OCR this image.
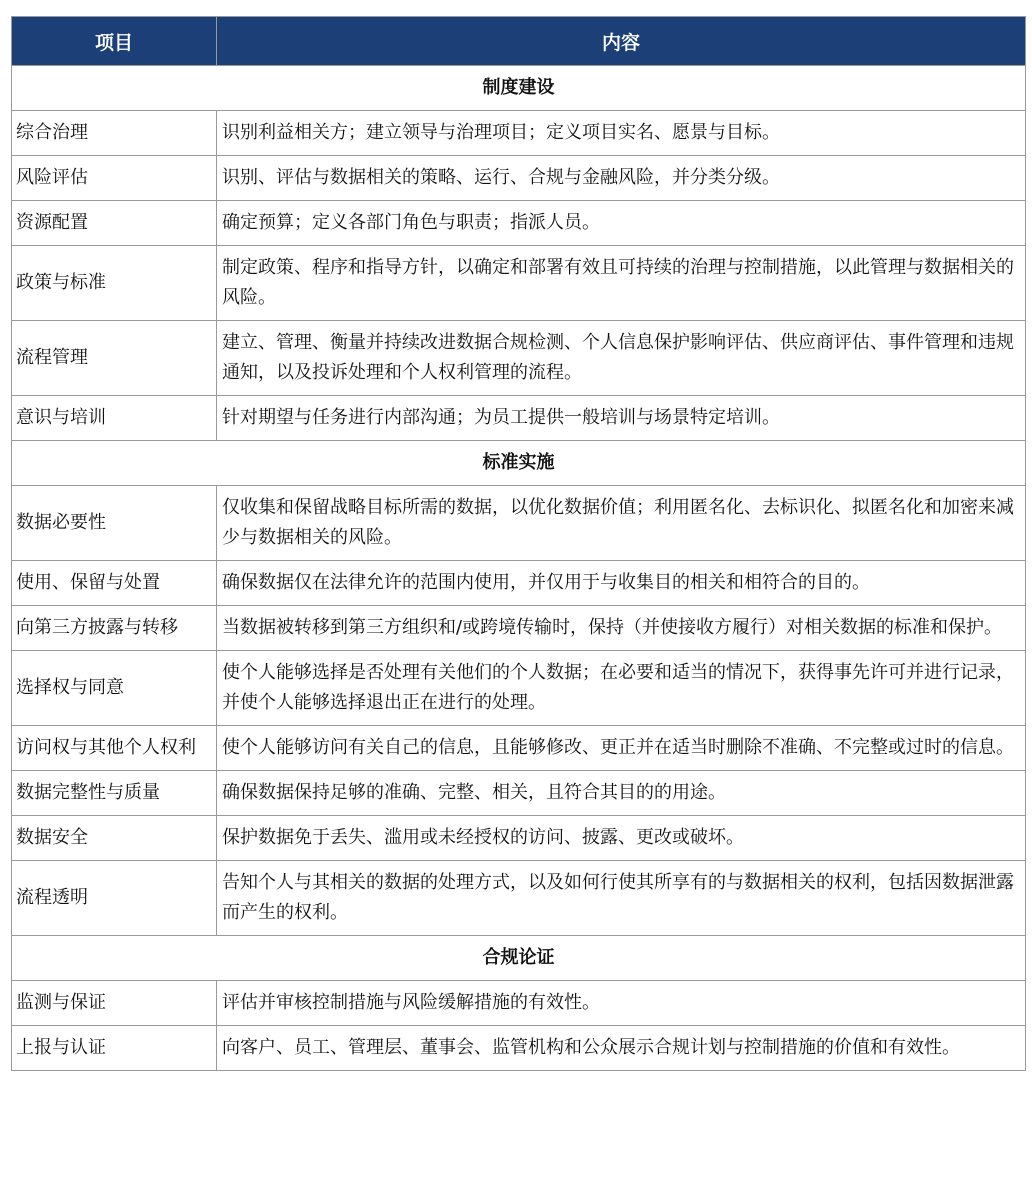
项目	内容
制度建设	
综合治理	识别利益相关方；建立领导与治理项目；定义项目实名、愿景与目标。
风险评估	识别、评估与数据相关的策略、运行、合规与金融风险，并分类分级。
资源配置	确定预算；定义各部门角色与职责；指派人员。
政策与标准	制定政策、程序和指导方针，以确定和部署有效且可持续的治理与控制措施，以此管理与数据相关的风险。
流程管理	建立、管理、衡量并持续改进数据合规检测、个人信息保护影响评估、供应商评估、事件管理和违规通知，以及投诉处理和个人权利管理的流程。
意识与培训	针对期望与任务进行内部沟通；为员工提供一般培训与场景特定培训。
标准实施	
数据必要性	仅收集和保留战略目标所需的数据，以优化数据价值；利用匿名化、去标识化、拟匿名化和加密来减少与数据相关的风险。
使用、保留与处置	确保数据仅在法律允许的范围内使用，并仅用于与收集目的相关和相符合的目的。
向第三方披露与转移	当数据被转移到第三方组织和/或跨境传输时，保持（并使接收方履行）对相关数据的标准和保护。
选择权与同意	使个人能够选择是否处理有关他们的个人数据；在必要和适当的情况下，获得事先许可并进行记录，并使个人能够选择退出正在进行的处理。
访问权与其他个人权利	使个人能够访问有关自己的信息，且能够修改、更正并在适当时删除不准确、不完整或过时的信息。
数据完整性与质量	确保数据保持足够的准确、完整、相关，且符合其目的的用途。
数据安全	保护数据免于丢失、滥用或未经授权的访问、披露、更改或破坏。
流程透明	告知个人与其相关的数据的处理方式，以及如何行使其所享有的与数据相关的权利，包括因数据泄露而产生的权利。
合规论证	
监测与保证	评估并审核控制措施与风险缓解措施的有效性。
上报与认证	向客户、员工、管理层、董事会、监管机构和公众展示合规计划与控制措施的价值和有效性。
